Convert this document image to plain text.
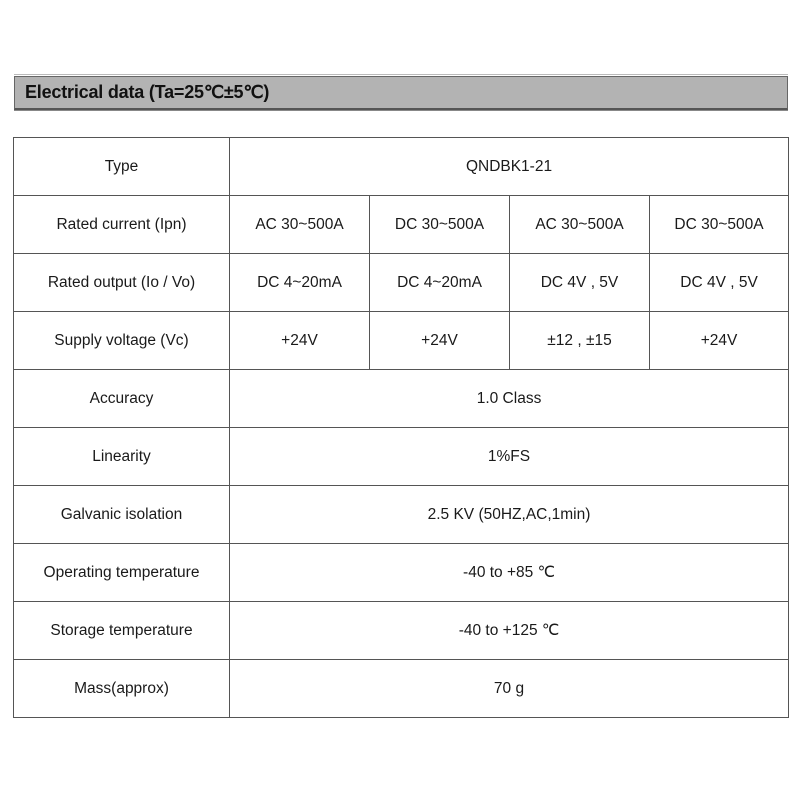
Electrical data (Ta=25℃±5℃)
Type	QNDBK1-21			
Rated current (Ipn)	AC 30~500A	DC 30~500A	AC 30~500A	DC 30~500A
Rated output (Io / Vo)	DC 4~20mA	DC 4~20mA	DC 4V , 5V	DC 4V , 5V
Supply voltage (Vc)	+24V	+24V	±12 , ±15	+24V
Accuracy	1.0 Class			
Linearity	1%FS			
Galvanic isolation	2.5 KV (50HZ,AC,1min)			
Operating temperature	-40 to +85 ℃			
Storage temperature	-40 to +125 ℃			
Mass(approx)	70 g			
